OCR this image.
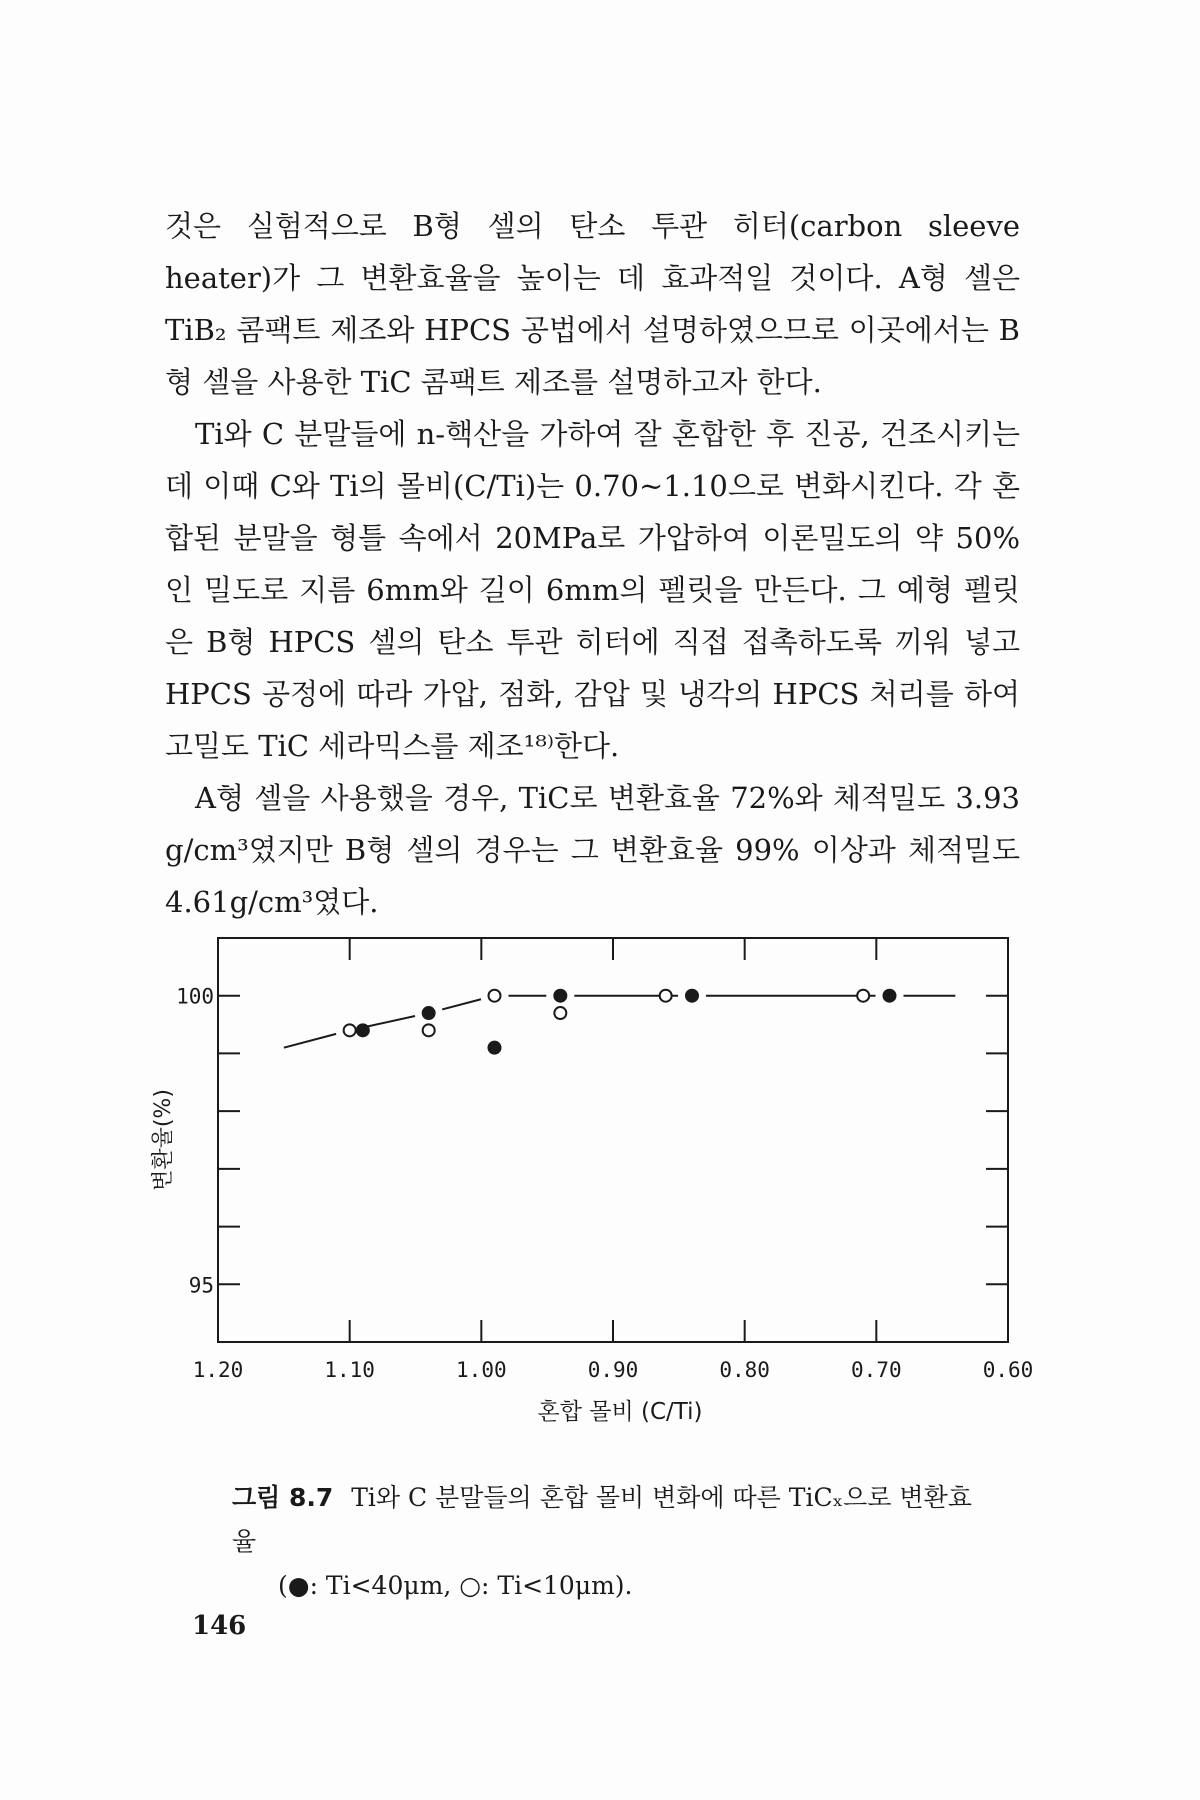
것은 실험적으로 B형 셀의 탄소 투관 히터(carbon sleeve heater)가 그 변환효율을 높이는 데 효과적일 것이다. A형 셀은 TiB₂ 콤팩트 제조와 HPCS 공법에서 설명하였으므로 이곳에서는 B형 셀을 사용한 TiC 콤팩트 제조를 설명하고자 한다.

Ti와 C 분말들에 n-핵산을 가하여 잘 혼합한 후 진공, 건조시키는 데 이때 C와 Ti의 몰비(C/Ti)는 0.70~1.10으로 변화시킨다. 각 혼합된 분말을 형틀 속에서 20MPa로 가압하여 이론밀도의 약 50%인 밀도로 지름 6mm와 길이 6mm의 펠릿을 만든다. 그 예형 펠릿은 B형 HPCS 셀의 탄소 투관 히터에 직접 접촉하도록 끼워 넣고 HPCS 공정에 따라 가압, 점화, 감압 및 냉각의 HPCS 처리를 하여 고밀도 TiC 세라믹스를 제조¹⁸⁾한다.

A형 셀을 사용했을 경우, TiC로 변환효율 72%와 체적밀도 3.93 g/cm³였지만 B형 셀의 경우는 그 변환효율 99% 이상과 체적밀도 4.61g/cm³였다.

1.20	1.10	1.00	0.90	0.80	0.70	0.60
100
95
변환율(%)
혼합 몰비 (C/Ti)
그림 8.7 Ti와 C 분말들의 혼합 몰비 변화에 따른 TiCₓ으로 변환효율
(●: Ti<40μm, ○: Ti<10μm).
146
